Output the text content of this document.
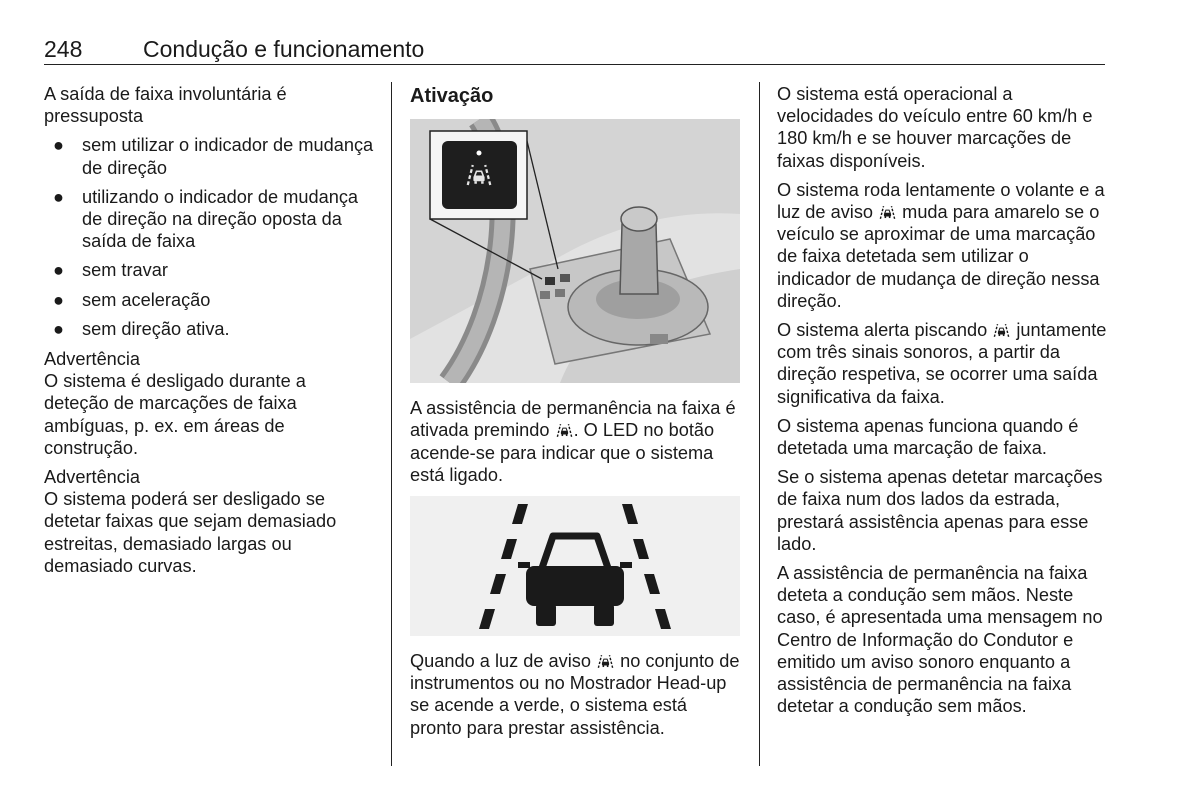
248	Condução e funcionamento

A saída de faixa involuntária é pressuposta

● sem utilizar o indicador de mudança de direção
● utilizando o indicador de mudança de direção na direção oposta da saída de faixa
● sem travar
● sem aceleração
● sem direção ativa.
Advertência

O sistema é desligado durante a deteção de marcações de faixa ambíguas, p. ex. em áreas de construção.

Advertência

O sistema poderá ser desligado se detetar faixas que sejam demasiado estreitas, demasiado largas ou demasiado curvas.

Ativação

A assistência de permanência na faixa é ativada premindo . O LED no botão acende-se para indicar que o sistema está ligado.

Quando a luz de aviso  no conjunto de instrumentos ou no Mostrador Head-up se acende a verde, o sistema está pronto para prestar assistência.

O sistema está operacional a velocidades do veículo entre 60 km/h e 180 km/h e se houver marcações de faixas disponíveis.

O sistema roda lentamente o volante e a luz de aviso  muda para amarelo se o veículo se aproximar de uma marcação de faixa detetada sem utilizar o indicador de mudança de direção nessa direção.

O sistema alerta piscando  juntamente com três sinais sonoros, a partir da direção respetiva, se ocorrer uma saída significativa da faixa.

O sistema apenas funciona quando é detetada uma marcação de faixa.

Se o sistema apenas detetar marcações de faixa num dos lados da estrada, prestará assistência apenas para esse lado.

A assistência de permanência na faixa deteta a condução sem mãos. Neste caso, é apresentada uma mensagem no Centro de Informação do Condutor e emitido um aviso sonoro enquanto a assistência de permanência na faixa detetar a condução sem mãos.
